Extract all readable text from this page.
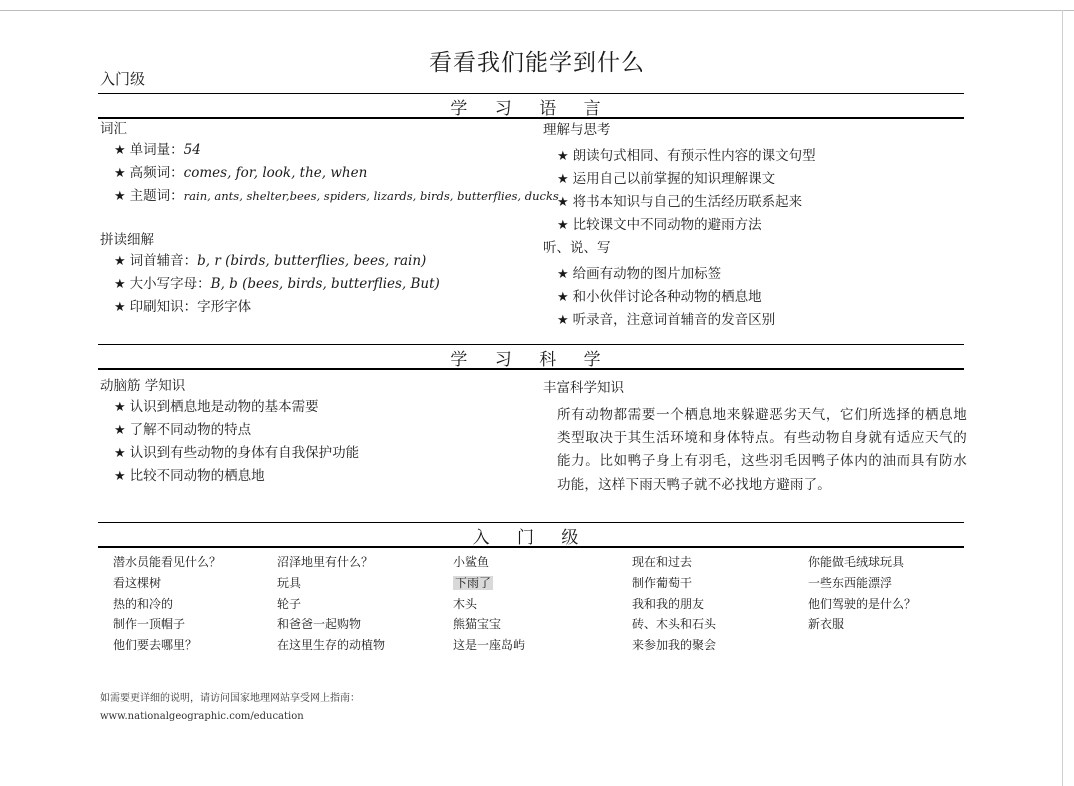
看看我们能学到什么
入门级
学 习 语 言
词汇
★ 单词量：54
★ 高频词：comes, for, look, the, when
★ 主题词：rain, ants, shelter,bees, spiders, lizards, birds, butterflies, ducks
拼读细解
★ 词首辅音：b, r (birds, butterflies, bees, rain)
★ 大小写字母：B, b (bees, birds, butterflies, But)
★ 印刷知识：字形字体
理解与思考
★ 朗读句式相同、有预示性内容的课文句型
★ 运用自己以前掌握的知识理解课文
★ 将书本知识与自己的生活经历联系起来
★ 比较课文中不同动物的避雨方法
听、说、写
★ 给画有动物的图片加标签
★ 和小伙伴讨论各种动物的栖息地
★ 听录音，注意词首辅音的发音区别
学 习 科 学
动脑筋 学知识
★ 认识到栖息地是动物的基本需要
★ 了解不同动物的特点
★ 认识到有些动物的身体有自我保护功能
★ 比较不同动物的栖息地
丰富科学知识
所有动物都需要一个栖息地来躲避恶劣天气，它们所选择的栖息地类型取决于其生活环境和身体特点。有些动物自身就有适应天气的能力。比如鸭子身上有羽毛，这些羽毛因鸭子体内的油而具有防水功能，这样下雨天鸭子就不必找地方避雨了。
入 门 级
潜水员能看见什么？
看这棵树
热的和冷的
制作一顶帽子
他们要去哪里？
沼泽地里有什么？
玩具
轮子
和爸爸一起购物
在这里生存的动植物
小鲨鱼
下雨了
木头
熊猫宝宝
这是一座岛屿
现在和过去
制作葡萄干
我和我的朋友
砖、木头和石头
来参加我的聚会
你能做毛绒球玩具
一些东西能漂浮
他们驾驶的是什么？
新衣服
如需要更详细的说明，请访问国家地理网站享受网上指南：
www.nationalgeographic.com/education
